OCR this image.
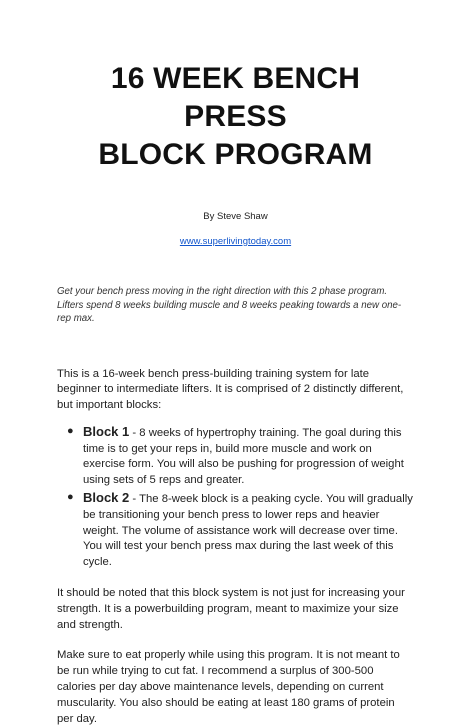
16 WEEK BENCH PRESS
BLOCK PROGRAM
By Steve Shaw
www.superlivingtoday.com

Get your bench press moving in the right direction with this 2 phase program. Lifters spend 8 weeks building muscle and 8 weeks peaking towards a new one-rep max.

This is a 16-week bench press-building training system for late beginner to intermediate lifters. It is comprised of 2 distinctly different, but important blocks:

● Block 1 - 8 weeks of hypertrophy training. The goal during this time is to get your reps in, build more muscle and work on exercise form. You will also be pushing for progression of weight using sets of 5 reps and greater.
● Block 2 - The 8-week block is a peaking cycle. You will gradually be transitioning your bench press to lower reps and heavier weight. The volume of assistance work will decrease over time. You will test your bench press max during the last week of this cycle.

It should be noted that this block system is not just for increasing your strength. It is a powerbuilding program, meant to maximize your size and strength.

Make sure to eat properly while using this program. It is not meant to be run while trying to cut fat. I recommend a surplus of 300-500 calories per day above maintenance levels, depending on current muscularity. You also should be eating at least 180 grams of protein per day.
